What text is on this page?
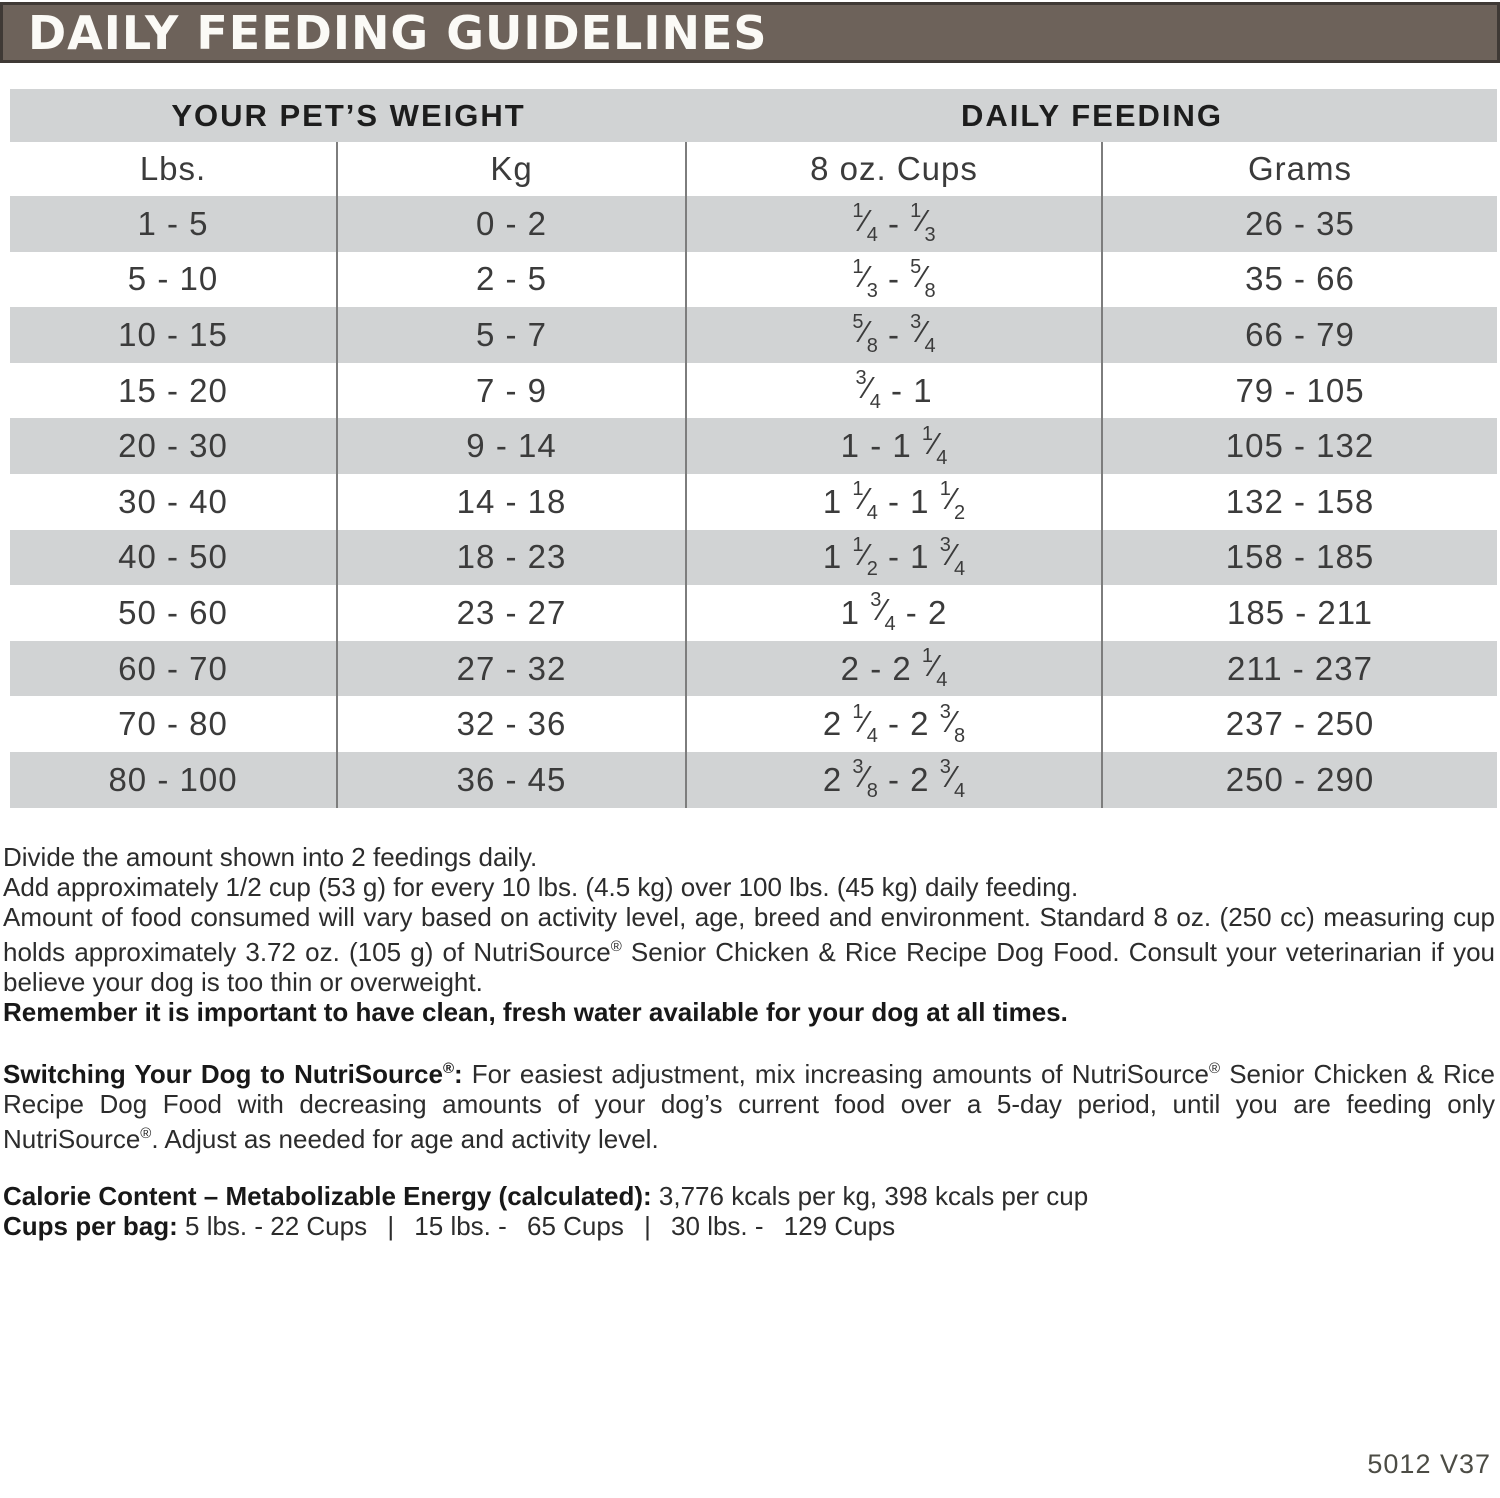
DAILY FEEDING GUIDELINES
YOUR PET’S WEIGHT	DAILY FEEDING
Lbs.	Kg	8 oz. Cups	Grams
1 - 5	0 - 2	$^1⁄_4$ - $^1⁄_3$	26 - 35
5 - 10	2 - 5	$^1⁄_3$ - $^5⁄_8$	35 - 66
10 - 15	5 - 7	$^5⁄_8$ - $^3⁄_4$	66 - 79
15 - 20	7 - 9	$^3⁄_4 - 1$	79 - 105
20 - 30	9 - 14	1 - 1 $^1⁄_4$	105 - 132
30 - 40	14 - 18	1 $^1⁄_4 - 1$ $^1⁄_2$	132 - 158
40 - 50	18 - 23	1 $^1⁄_2 - 1$ $^3⁄_4$	158 - 185
50 - 60	23 - 27	1 $^3⁄_4 - 2$	185 - 211
60 - 70	27 - 32	2 - 2 $^1⁄_4$	211 - 237
70 - 80	32 - 36	2 $^1⁄_4 - 2$ $^3⁄_8$	237 - 250
80 - 100	36 - 45	2 $^3⁄_8 - 2$ $^3⁄_4$	250 - 290

Divide the amount shown into 2 feedings daily.

Add approximately 1/2 cup (53 g) for every 10 lbs. (4.5 kg) over 100 lbs. (45 kg) daily feeding.

Amount of food consumed will vary based on activity level, age, breed and environment. Standard 8 oz. (250 cc) measuring cup holds approximately 3.72 oz. (105 g) of NutriSource® Senior Chicken & Rice Recipe Dog Food. Consult your veterinarian if you believe your dog is too thin or overweight.

Remember it is important to have clean, fresh water available for your dog at all times.

Switching Your Dog to NutriSource®: For easiest adjustment, mix increasing amounts of NutriSource® Senior Chicken & Rice Recipe Dog Food with decreasing amounts of your dog’s current food over a 5-day period, until you are feeding only NutriSource®. Adjust as needed for age and activity level.

Calorie Content – Metabolizable Energy (calculated): 3,776 kcals per kg, 398 kcals per cup

Cups per bag: 5 lbs. - 22 Cups  |  15 lbs. -  65 Cups  |  30 lbs. -  129 Cups

5012 V37
